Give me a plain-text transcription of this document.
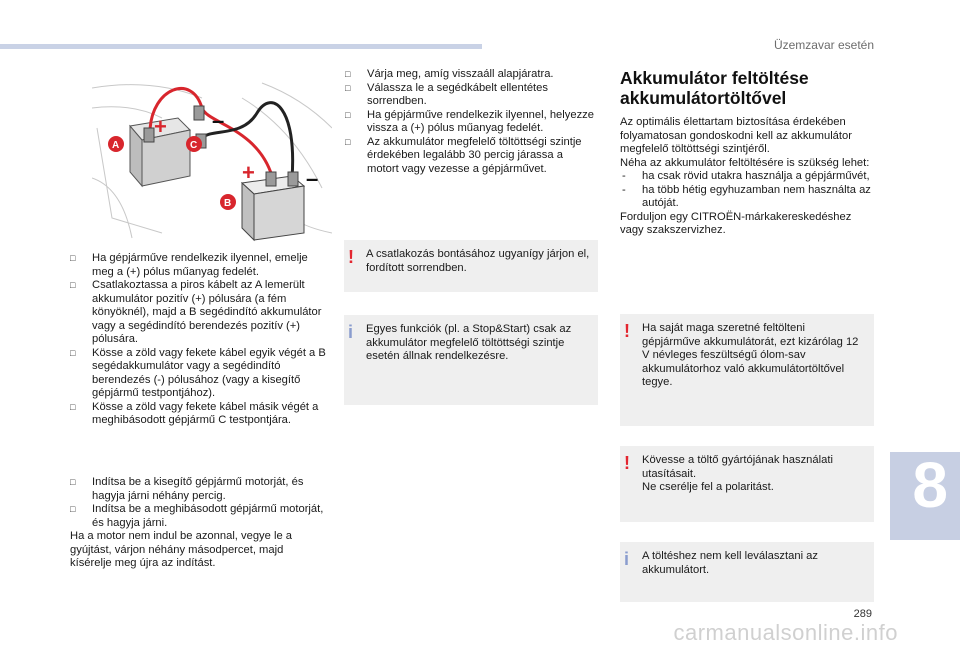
Üzemzavar esetén
+ –
+ –
A	C
B

□ Ha gépjárműve rendelkezik ilyennel, emelje meg a (+) pólus műanyag fedelét.

□ Csatlakoztassa a piros kábelt az A lemerült akkumulátor pozitív (+) pólusára (a fém könyöknél), majd a B segédindító akkumulátor vagy a segédindító berendezés pozitív (+) pólusára.

□ Kösse a zöld vagy fekete kábel egyik végét a B segédakkumulátor vagy a segédindító berendezés (-) pólusához (vagy a kisegítő gépjármű testpontjához).

□ Kösse a zöld vagy fekete kábel másik végét a meghibásodott gépjármű C testpontjára.

□ Indítsa be a kisegítő gépjármű motorját, és hagyja járni néhány percig.

□ Indítsa be a meghibásodott gépjármű motorját, és hagyja járni.

Ha a motor nem indul be azonnal, vegye le a gyújtást, várjon néhány másodpercet, majd kísérelje meg újra az indítást.

□ Várja meg, amíg visszaáll alapjáratra.

□ Válassza le a segédkábelt ellentétes sorrendben.

□ Ha gépjárműve rendelkezik ilyennel, helyezze vissza a (+) pólus műanyag fedelét.

□ Az akkumulátor megfelelő töltöttségi szintje érdekében legalább 30 percig járassa a motort vagy vezesse a gépjárművet.

! A csatlakozás bontásához ugyanígy járjon el, fordított sorrendben.
i Egyes funkciók (pl. a Stop&Start) csak az akkumulátor megfelelő töltöttségi szintje esetén állnak rendelkezésre.
Akkumulátor feltöltése
akkumulátortöltővel

Az optimális élettartam biztosítása érdekében folyamatosan gondoskodni kell az akkumulátor megfelelő töltöttségi szintjéről.

Néha az akkumulátor feltöltésére is szükség lehet:

- ha csak rövid utakra használja a gépjárművét,

- ha több hétig egyhuzamban nem használta az autóját.

Forduljon egy CITROËN-márkakereskedéshez vagy szakszervizhez.

! Ha saját maga szeretné feltölteni gépjárműve akkumulátorát, ezt kizárólag 12 V névleges feszültségű ólom-sav akkumulátorhoz való akkumulátortöltővel tegye.
! Kövesse a töltő gyártójának használati utasításait.

Ne cserélje fel a polaritást.

i A töltéshez nem kell leválasztani az akkumulátort.
8
289
carmanualsonline.info
